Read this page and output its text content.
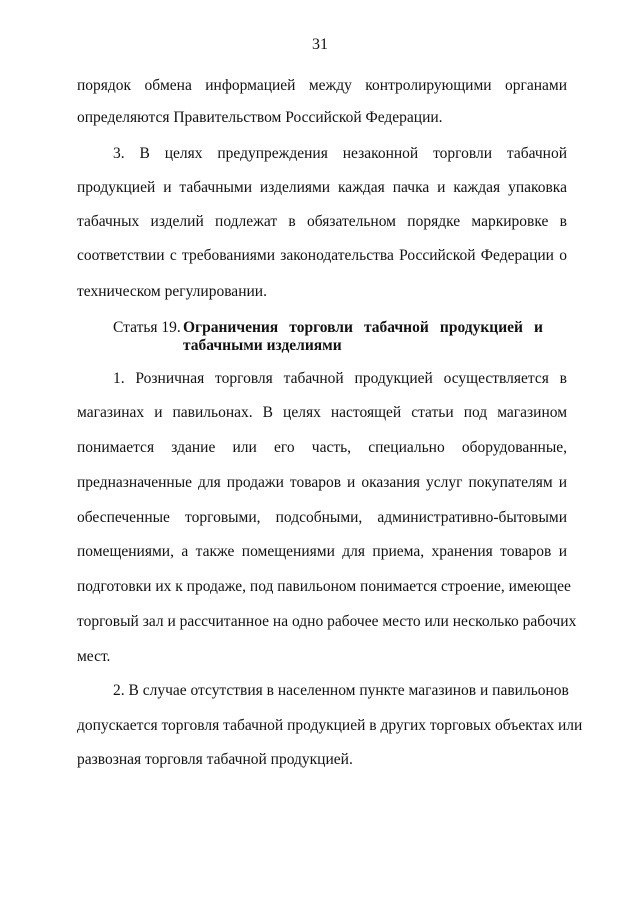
31
порядок обмена информацией между контролирующими органами
определяются Правительством Российской Федерации.
3. В целях предупреждения незаконной торговли табачной
продукцией и табачными изделиями каждая пачка и каждая упаковка
табачных изделий подлежат в обязательном порядке маркировке в
соответствии с требованиями законодательства Российской Федерации о
техническом регулировании.
Статья 19. Ограничения торговли табачной продукцией и
табачными изделиями
1. Розничная торговля табачной продукцией осуществляется в
магазинах и павильонах. В целях настоящей статьи под магазином
понимается здание или его часть, специально оборудованные,
предназначенные для продажи товаров и оказания услуг покупателям и
обеспеченные торговыми, подсобными, административно-бытовыми
помещениями, а также помещениями для приема, хранения товаров и
подготовки их к продаже, под павильоном понимается строение, имеющее
торговый зал и рассчитанное на одно рабочее место или несколько рабочих
мест.
2. В случае отсутствия в населенном пункте магазинов и павильонов
допускается торговля табачной продукцией в других торговых объектах или
развозная торговля табачной продукцией.
